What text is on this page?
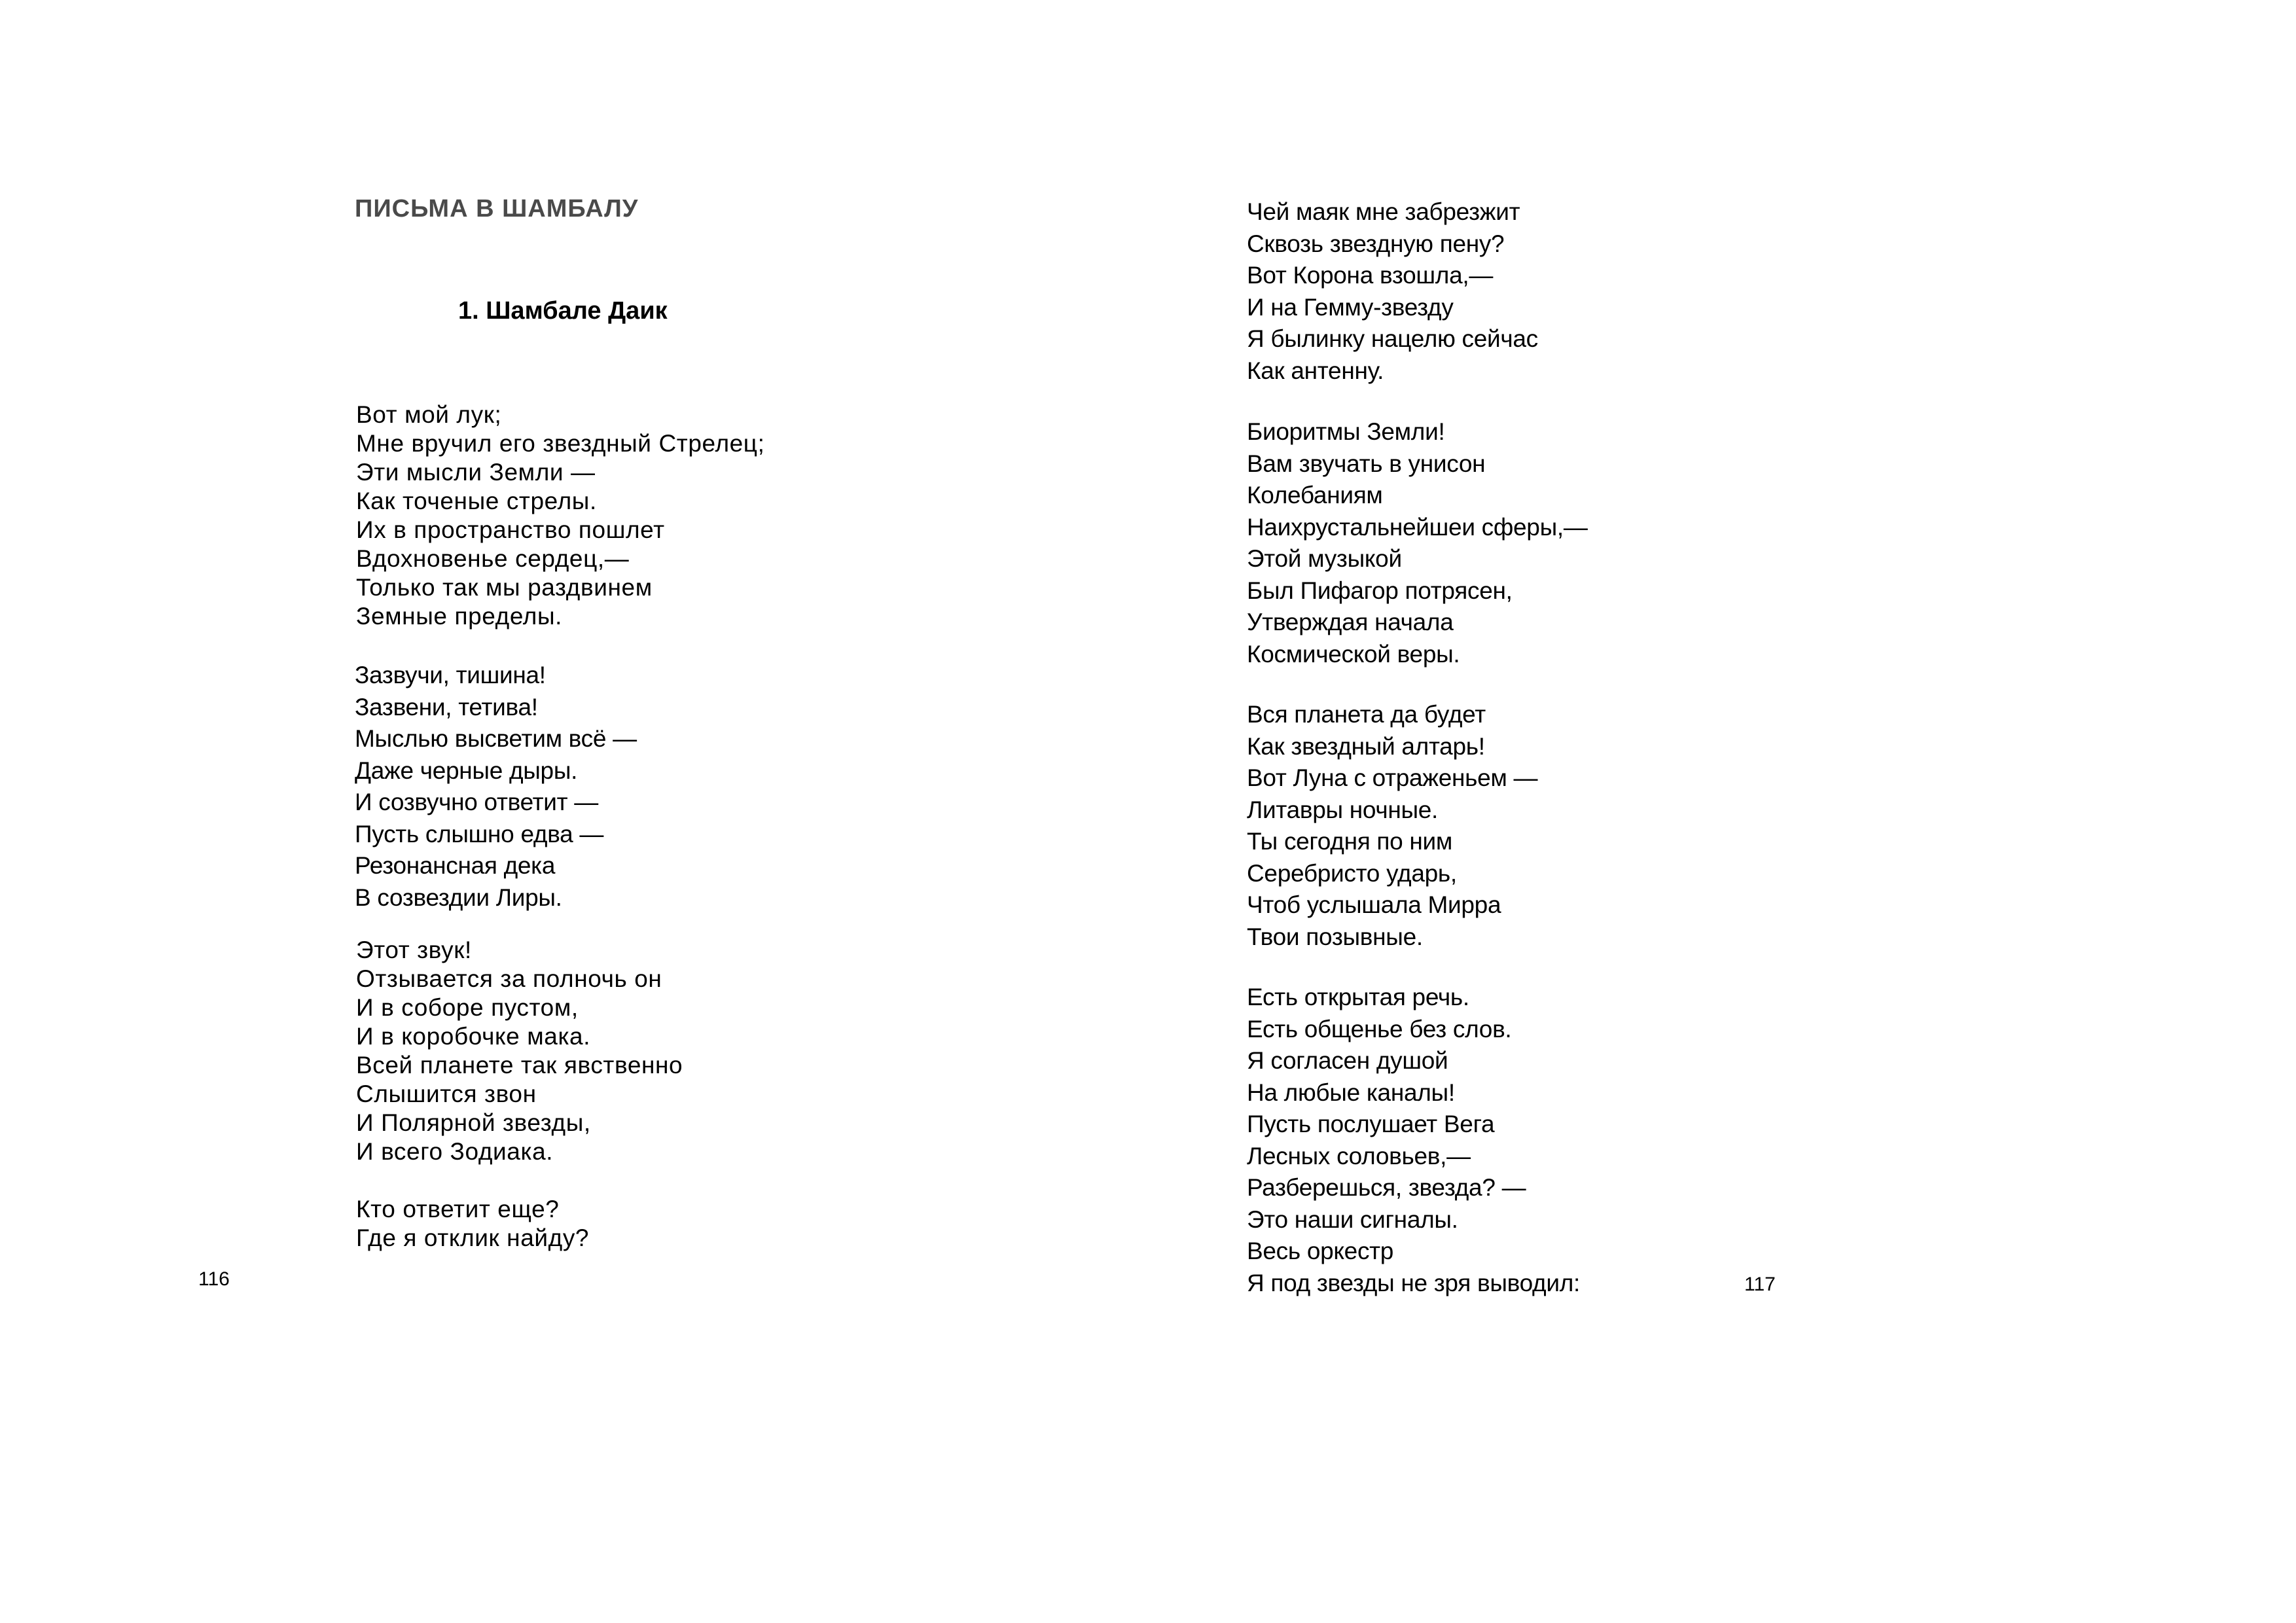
ПИСЬМА В ШАМБАЛУ
1. Шамбале Даик
Вот мой лук;
Мне вручил его звездный Стрелец;
Эти мысли Земли —
Как точеные стрелы.
Их в пространство пошлет
Вдохновенье сердец,—
Только так мы раздвинем
Земные пределы.
Зазвучи, тишина!
Зазвени, тетива!
Мыслью высветим всё —
Даже черные дыры.
И созвучно ответит —
Пусть слышно едва —
Резонансная дека
В созвездии Лиры.
Этот звук!
Отзывается за полночь он
И в соборе пустом,
И в коробочке мака.
Всей планете так явственно
Слышится звон
И Полярной звезды,
И всего Зодиака.
Кто ответит еще?
Где я отклик найду?
116
Чей маяк мне забрезжит
Сквозь звездную пену?
Вот Корона взошла,—
И на Гемму-звезду
Я былинку нацелю сейчас
Как антенну.
Биоритмы Земли!
Вам звучать в унисон
Колебаниям
Наихрустальнейшеи сферы,—
Этой музыкой
Был Пифагор потрясен,
Утверждая начала
Космической веры.
Вся планета да будет
Как звездный алтарь!
Вот Луна с отраженьем —
Литавры ночные.
Ты сегодня по ним
Серебристо ударь,
Чтоб услышала Мирра
Твои позывные.
Есть открытая речь.
Есть общенье без слов.
Я согласен душой
На любые каналы!
Пусть послушает Вега
Лесных соловьев,—
Разберешься, звезда? —
Это наши сигналы.
Весь оркестр
Я под звезды не зря выводил:	117
